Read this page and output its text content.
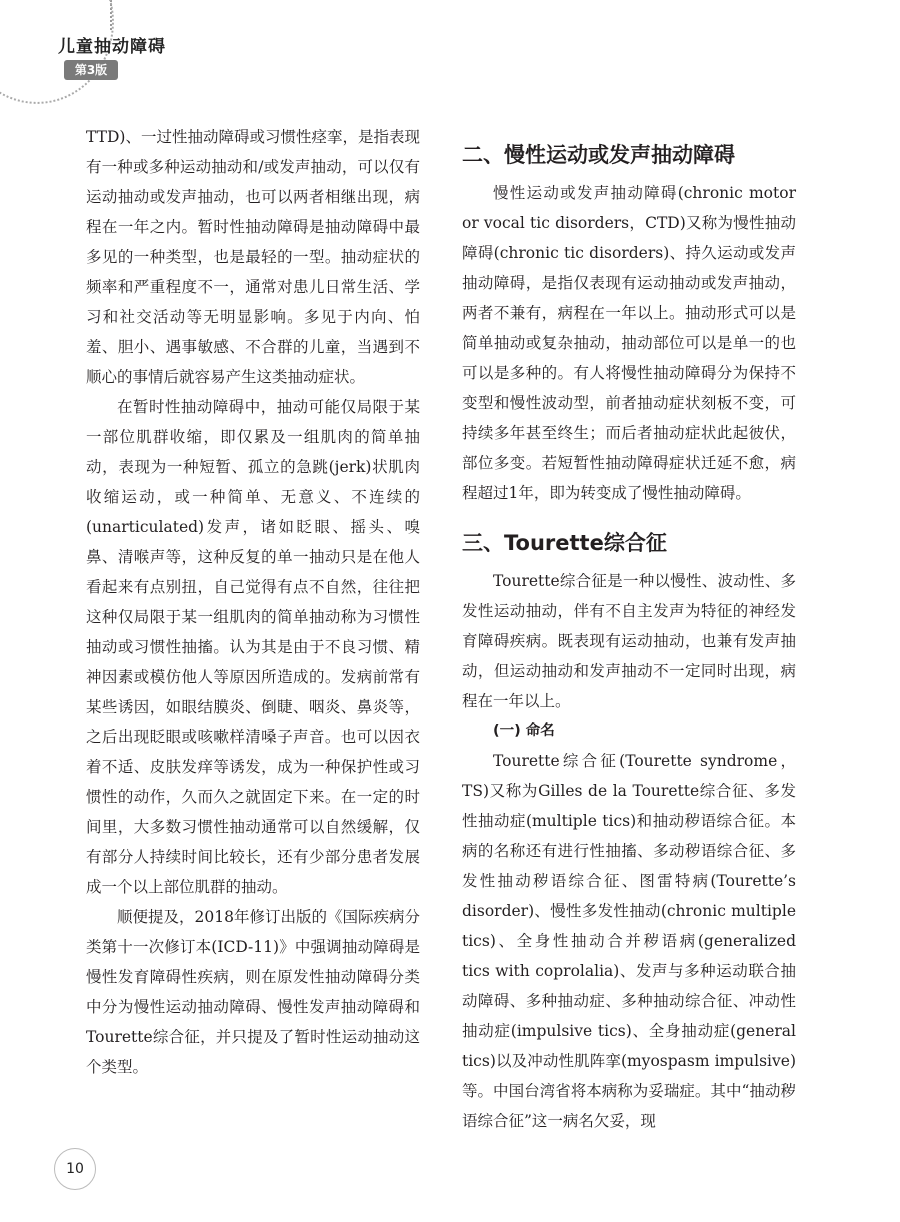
儿童抽动障碍
第3版

TTD)、一过性抽动障碍或习惯性痉挛，是指表现有一种或多种运动抽动和/或发声抽动，可以仅有运动抽动或发声抽动，也可以两者相继出现，病程在一年之内。暂时性抽动障碍是抽动障碍中最多见的一种类型，也是最轻的一型。抽动症状的频率和严重程度不一，通常对患儿日常生活、学习和社交活动等无明显影响。多见于内向、怕羞、胆小、遇事敏感、不合群的儿童，当遇到不顺心的事情后就容易产生这类抽动症状。

在暂时性抽动障碍中，抽动可能仅局限于某一部位肌群收缩，即仅累及一组肌肉的简单抽动，表现为一种短暂、孤立的急跳(jerk)状肌肉收缩运动，或一种简单、无意义、不连续的(unarticulated)发声，诸如眨眼、摇头、嗅鼻、清喉声等，这种反复的单一抽动只是在他人看起来有点别扭，自己觉得有点不自然，往往把这种仅局限于某一组肌肉的简单抽动称为习惯性抽动或习惯性抽搐。认为其是由于不良习惯、精神因素或模仿他人等原因所造成的。发病前常有某些诱因，如眼结膜炎、倒睫、咽炎、鼻炎等，之后出现眨眼或咳嗽样清嗓子声音。也可以因衣着不适、皮肤发痒等诱发，成为一种保护性或习惯性的动作，久而久之就固定下来。在一定的时间里，大多数习惯性抽动通常可以自然缓解，仅有部分人持续时间比较长，还有少部分患者发展成一个以上部位肌群的抽动。

顺便提及，2018年修订出版的《国际疾病分类第十一次修订本(ICD-11)》中强调抽动障碍是慢性发育障碍性疾病，则在原发性抽动障碍分类中分为慢性运动抽动障碍、慢性发声抽动障碍和Tourette综合征，并只提及了暂时性运动抽动这个类型。

二、慢性运动或发声抽动障碍

慢性运动或发声抽动障碍(chronic motor or vocal tic disorders，CTD)又称为慢性抽动障碍(chronic tic disorders)、持久运动或发声抽动障碍，是指仅表现有运动抽动或发声抽动，两者不兼有，病程在一年以上。抽动形式可以是简单抽动或复杂抽动，抽动部位可以是单一的也可以是多种的。有人将慢性抽动障碍分为保持不变型和慢性波动型，前者抽动症状刻板不变，可持续多年甚至终生；而后者抽动症状此起彼伏，部位多变。若短暂性抽动障碍症状迁延不愈，病程超过1年，即为转变成了慢性抽动障碍。

三、Tourette综合征

Tourette综合征是一种以慢性、波动性、多发性运动抽动，伴有不自主发声为特征的神经发育障碍疾病。既表现有运动抽动，也兼有发声抽动，但运动抽动和发声抽动不一定同时出现，病程在一年以上。

(一) 命名

Tourette综合征(Tourette syndrome，TS)又称为Gilles de la Tourette综合征、多发性抽动症(multiple tics)和抽动秽语综合征。本病的名称还有进行性抽搐、多动秽语综合征、多发性抽动秽语综合征、图雷特病(Tourette’s disorder)、慢性多发性抽动(chronic multiple tics)、全身性抽动合并秽语病(generalized tics with coprolalia)、发声与多种运动联合抽动障碍、多种抽动症、多种抽动综合征、冲动性抽动症(impulsive tics)、全身抽动症(general tics)以及冲动性肌阵挛(myospasm impulsive)等。中国台湾省将本病称为妥瑞症。其中“抽动秽语综合征”这一病名欠妥，现

10
